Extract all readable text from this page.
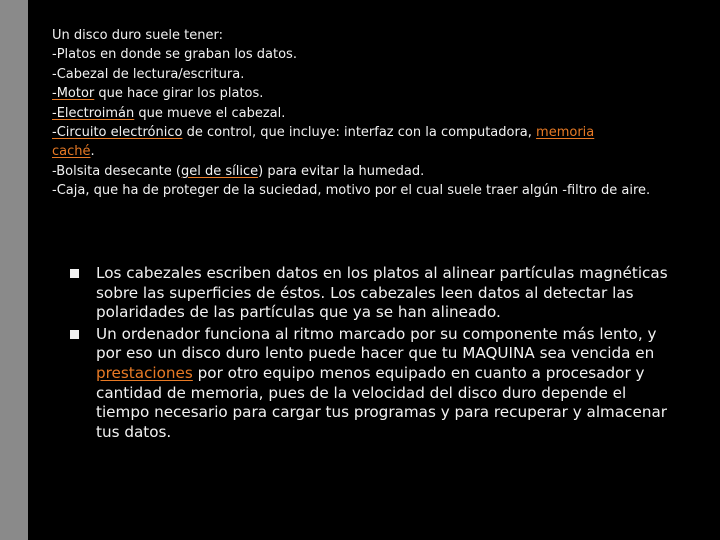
Un disco duro suele tener:
-Platos en donde se graban los datos.
-Cabezal de lectura/escritura.
-Motor que hace girar los platos.
-Electroimán que mueve el cabezal.
-Circuito electrónico de control, que incluye: interfaz con la computadora, memoria
caché.
-Bolsita desecante (gel de sílice) para evitar la humedad.
-Caja, que ha de proteger de la suciedad, motivo por el cual suele traer algún -filtro de aire.
Los cabezales escriben datos en los platos al alinear partículas magnéticas sobre las superficies de éstos. Los cabezales leen datos al detectar las polaridades de las partículas que ya se han alineado.
Un ordenador funciona al ritmo marcado por su componente más lento, y por eso un disco duro lento puede hacer que tu MAQUINA sea vencida en prestaciones por otro equipo menos equipado en cuanto a procesador y cantidad de memoria, pues de la velocidad del disco duro depende el tiempo necesario para cargar tus programas y para recuperar y almacenar tus datos.
